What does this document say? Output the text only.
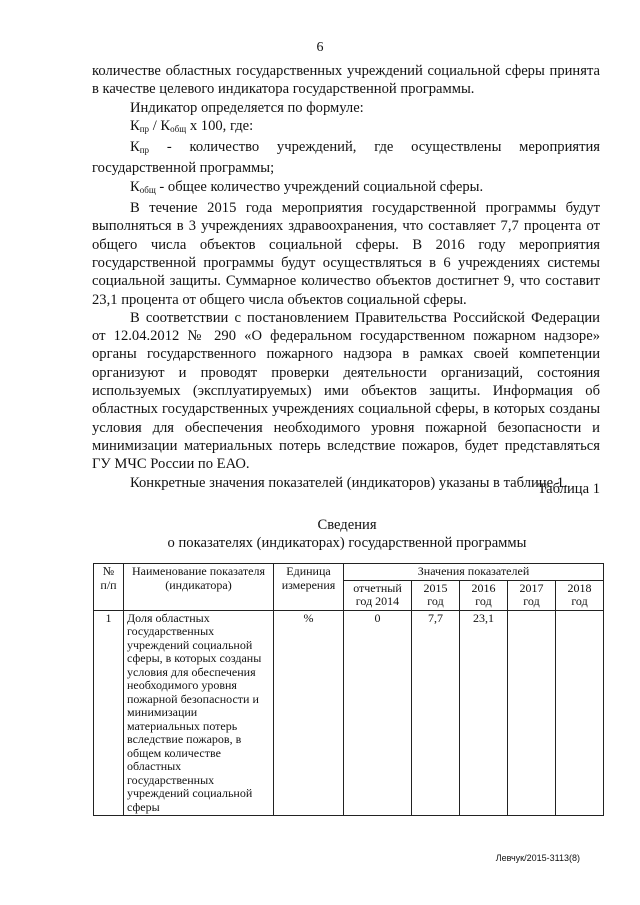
6

количестве областных государственных учреждений социальной сферы принята в качестве целевого индикатора государственной программы.

Индикатор определяется по формуле:

$К_{пр} / К_{общ}$ х 100, где:

$К_{пр}$ - количество учреждений, где осуществлены мероприятия государственной программы;

$К_{общ}$ - общее количество учреждений социальной сферы.

В течение 2015 года мероприятия государственной программы будут выполняться в 3 учреждениях здравоохранения, что составляет 7,7 процента от общего числа объектов социальной сферы. В 2016 году мероприятия государственной программы будут осуществляться в 6 учреждениях системы социальной защиты. Суммарное количество объектов достигнет 9, что составит 23,1 процента от общего числа объектов социальной сферы.

В соответствии с постановлением Правительства Российской Федерации от 12.04.2012 № 290 «О федеральном государственном пожарном надзоре» органы государственного пожарного надзора в рамках своей компетенции организуют и проводят проверки деятельности организаций, состояния используемых (эксплуатируемых) ими объектов защиты. Информация об областных государственных учреждениях социальной сферы, в которых созданы условия для обеспечения необходимого уровня пожарной безопасности и минимизации материальных потерь вследствие пожаров, будет представляться ГУ МЧС России по ЕАО.

Конкретные значения показателей (индикаторов) указаны в таблице 1.

Таблица 1
Сведения
о показателях (индикаторах) государственной программы
№ п/п	Наименование показателя (индикатора)	Единица измерения	Значения показателей				
			отчетный год 2014	2015 год	2016 год	2017 год	2018 год
1	Доля областных государственных учреждений социальной сферы, в которых созданы условия для обеспечения необходимого уровня пожарной безопасности и минимизации материальных потерь вследствие пожаров, в общем количестве областных государственных учреждений социальной сферы	%	0	7,7	23,1		
Левчук/2015-3113(8)
